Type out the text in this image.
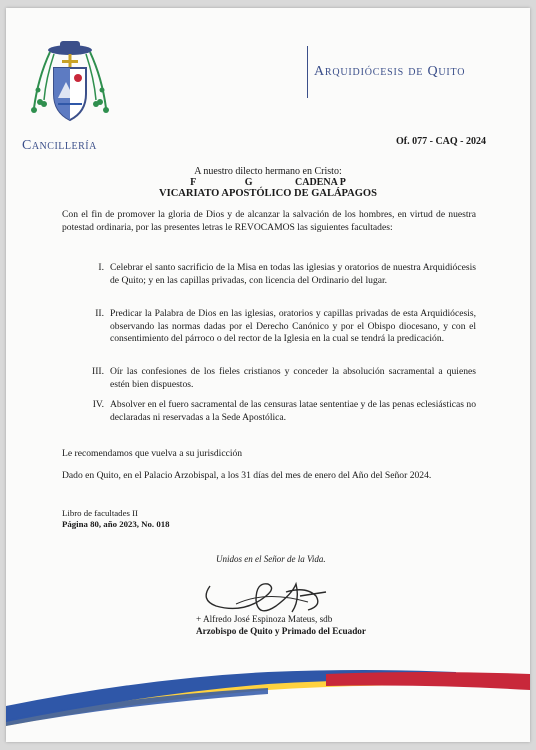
Cancillería
Arquidiócesis de Quito
Of. 077 - CAQ - 2024
A nuestro dilecto hermano en Cristo:
F	G	CADENA P
VICARIATO APOSTÓLICO DE GALÁPAGOS
Con el fin de promover la gloria de Dios y de alcanzar la salvación de los hombres, en virtud de nuestra potestad ordinaria, por las presentes letras le REVOCAMOS las siguientes facultades:
I. Celebrar el santo sacrificio de la Misa en todas las iglesias y oratorios de nuestra Arquidiócesis de Quito; y en las capillas privadas, con licencia del Ordinario del lugar.
II. Predicar la Palabra de Dios en las iglesias, oratorios y capillas privadas de esta Arquidiócesis, observando las normas dadas por el Derecho Canónico y por el Obispo diocesano, y con el consentimiento del párroco o del rector de la Iglesia en la cual se tendrá la predicación.
III. Oír las confesiones de los fieles cristianos y conceder la absolución sacramental a quienes estén bien dispuestos.
IV. Absolver en el fuero sacramental de las censuras latae sententiae y de las penas eclesiásticas no declaradas ni reservadas a la Sede Apostólica.
Le recomendamos que vuelva a su jurisdicción
Dado en Quito, en el Palacio Arzobispal, a los 31 días del mes de enero del Año del Señor 2024.
Libro de facultades II
Página 80, año 2023, No. 018
Unidos en el Señor de la Vida.
+ Alfredo José Espinoza Mateus, sdb
Arzobispo de Quito y Primado del Ecuador
